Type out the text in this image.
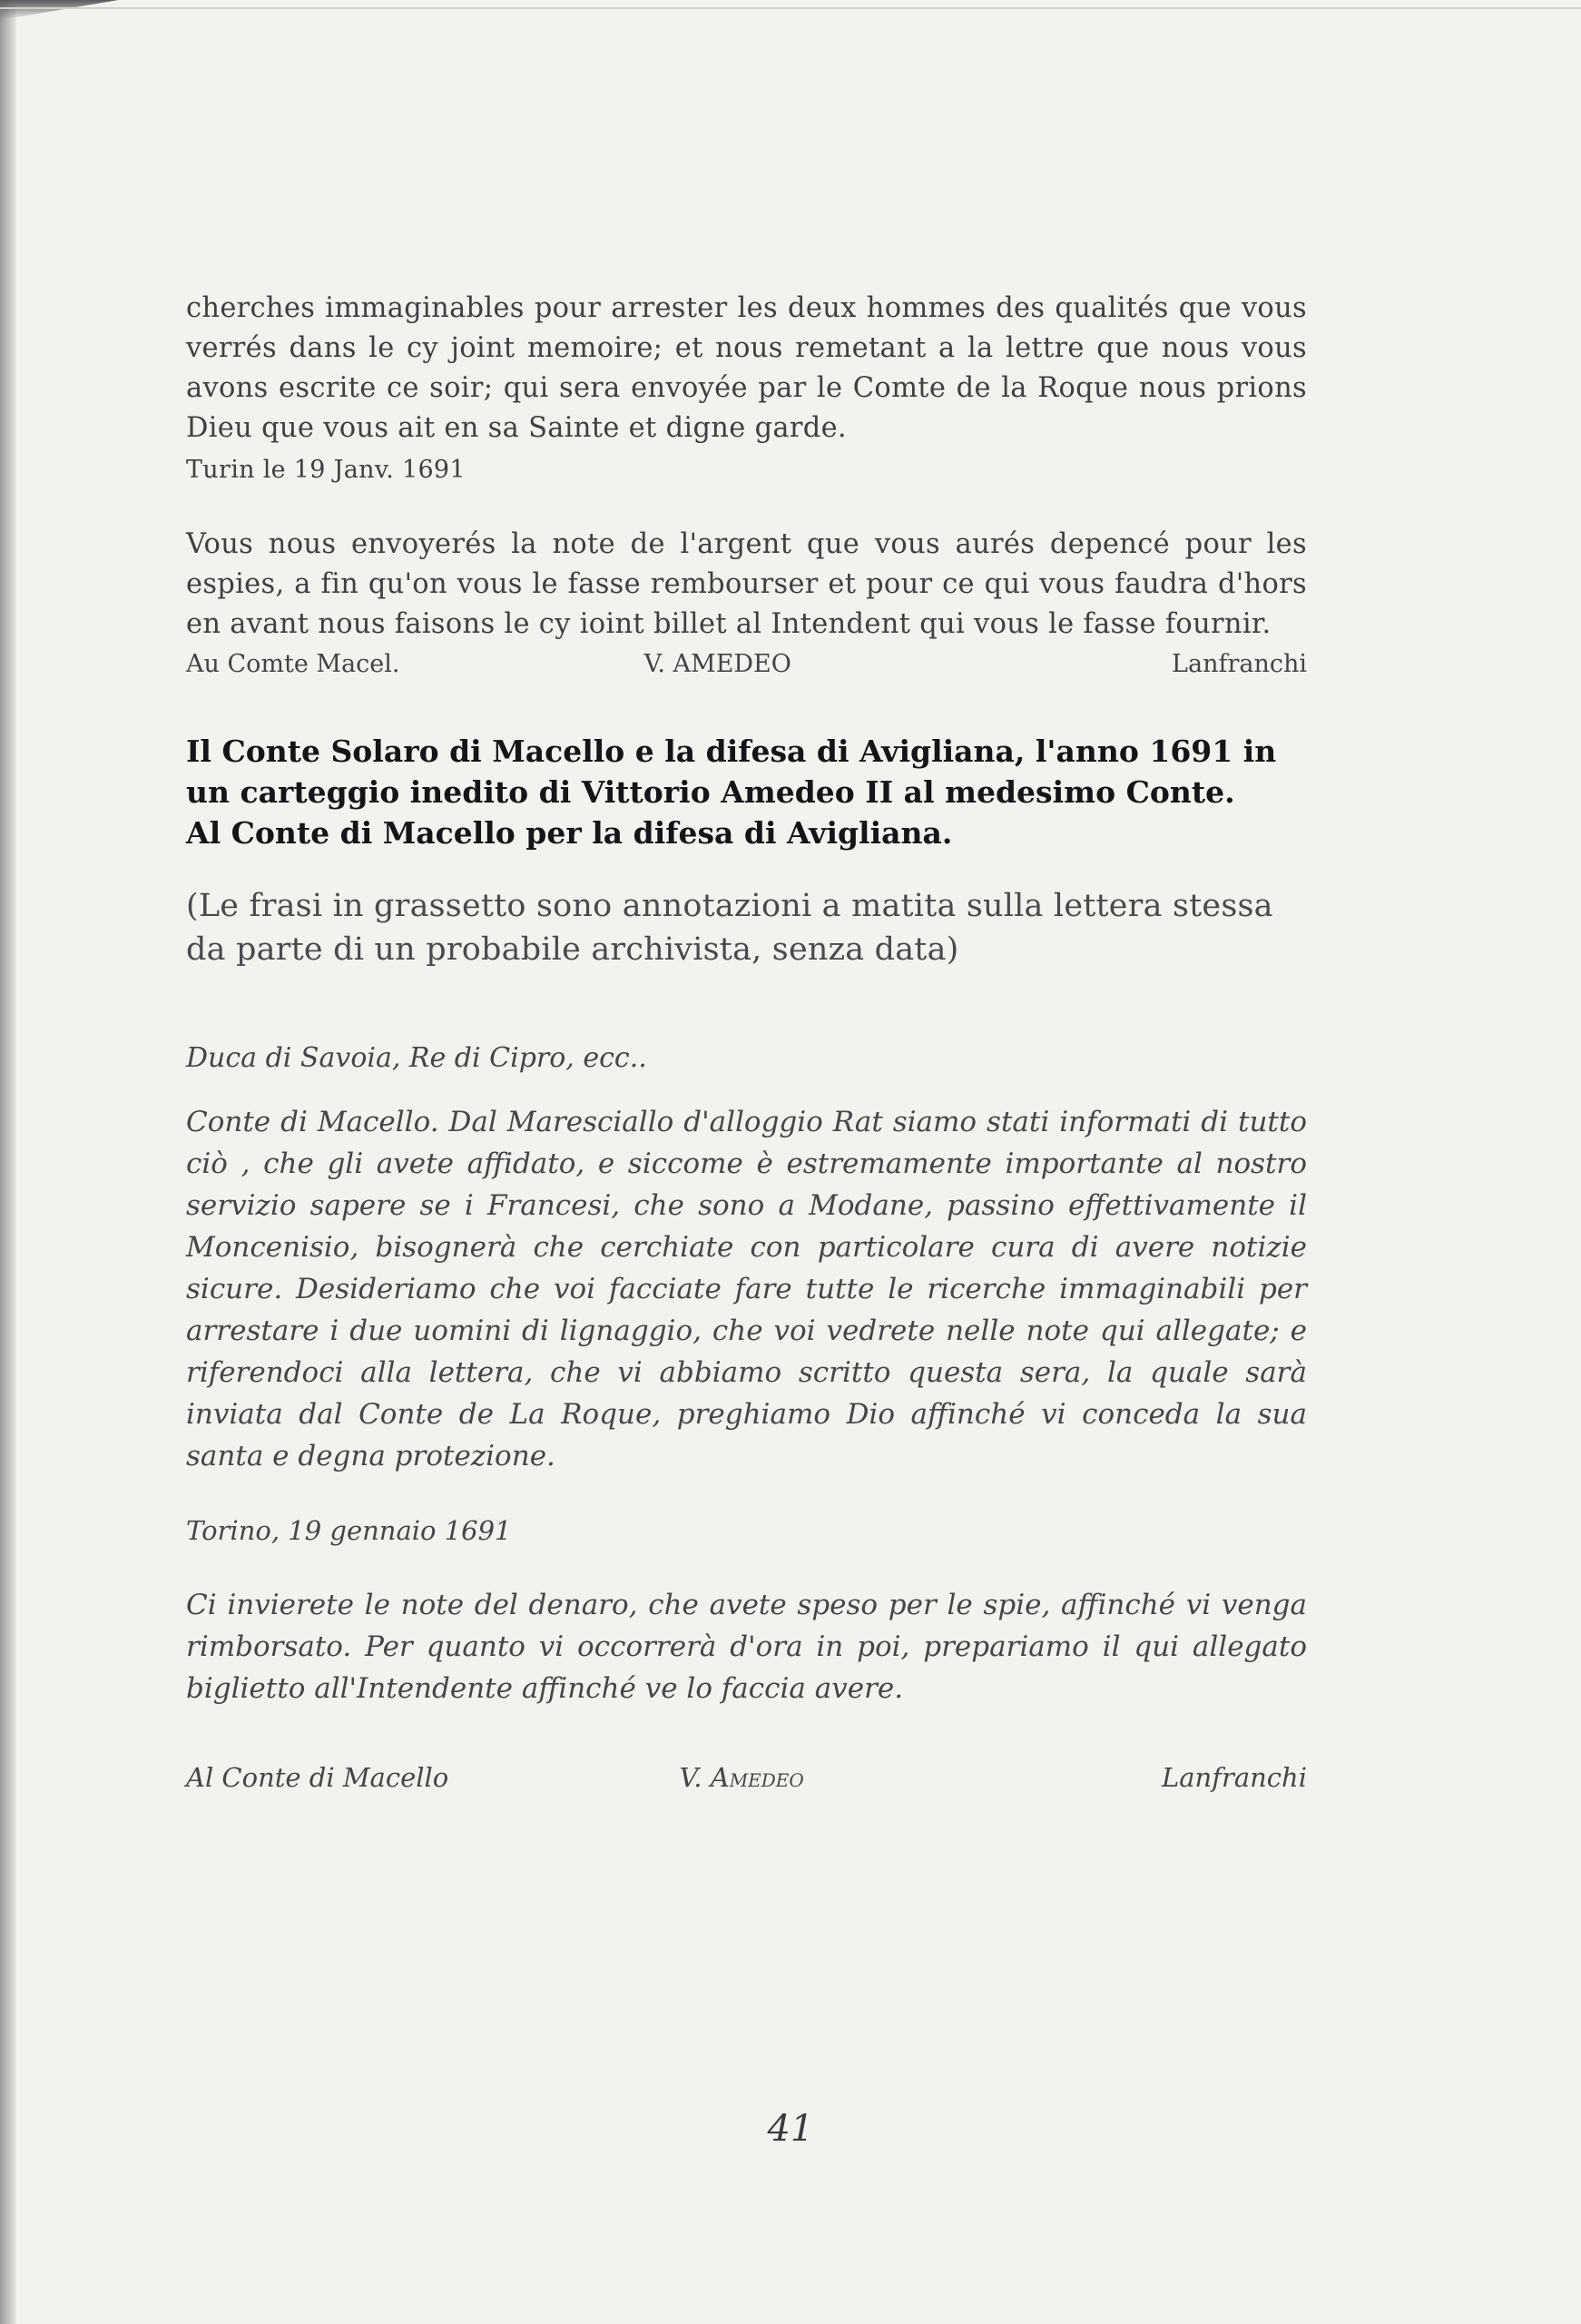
cherches immaginables pour arrester les deux hommes des qualités que vous verrés dans le cy joint memoire; et nous remetant a la lettre que nous vous avons escrite ce soir; qui sera envoyée par le Comte de la Roque nous prions Dieu que vous ait en sa Sainte et digne garde.

Turin le 19 Janv. 1691

Vous nous envoyerés la note de l'argent que vous aurés depencé pour les espies, a fin qu'on vous le fasse rembourser et pour ce qui vous faudra d'hors en avant nous faisons le cy ioint billet al Intendent qui vous le fasse fournir.

Au Comte Macel.	V. AMEDEO	Lanfranchi
Il Conte Solaro di Macello e la difesa di Avigliana, l'anno 1691 in un carteggio inedito di Vittorio Amedeo II al medesimo Conte.
Al Conte di Macello per la difesa di Avigliana.
(Le frasi in grassetto sono annotazioni a matita sulla lettera stessa da parte di un probabile archivista, senza data)
Duca di Savoia, Re di Cipro, ecc..
Conte di Macello. Dal Maresciallo d'alloggio Rat siamo stati informati di tutto ciò , che gli avete affidato, e siccome è estremamente importante al nostro servizio sapere se i Francesi, che sono a Modane, passino effettivamente il Moncenisio, bisognerà che cerchiate con particolare cura di avere notizie sicure. Desideriamo che voi facciate fare tutte le ricerche immaginabili per arrestare i due uomini di lignaggio, che voi vedrete nelle note qui allegate; e riferendoci alla lettera, che vi abbiamo scritto questa sera, la quale sarà inviata dal Conte de La Roque, preghiamo Dio affinché vi conceda la sua santa e degna protezione.
Torino, 19 gennaio 1691
Ci invierete le note del denaro, che avete speso per le spie, affinché vi venga rimborsato. Per quanto vi occorrerà d'ora in poi, prepariamo il qui allegato biglietto all'Intendente affinché ve lo faccia avere.
Al Conte di Macello	V. Amedeo	Lanfranchi
41
